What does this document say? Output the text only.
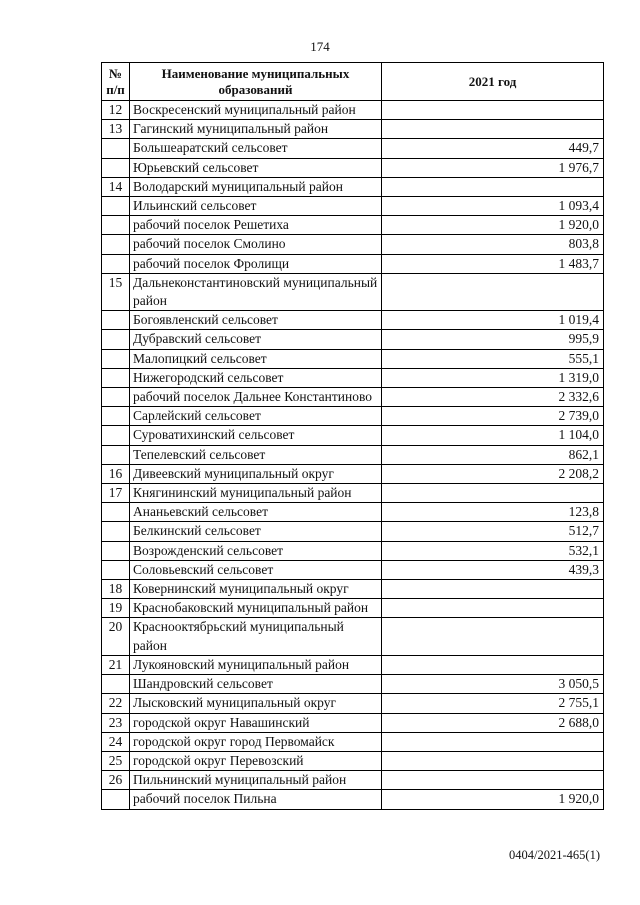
174
№ п/п	Наименование муниципальных образований	2021 год
12	Воскресенский муниципальный район	
13	Гагинский муниципальный район	
	Большеаратский сельсовет	449,7
	Юрьевский сельсовет	1 976,7
14	Володарский муниципальный район	
	Ильинский сельсовет	1 093,4
	рабочий поселок Решетиха	1 920,0
	рабочий поселок Смолино	803,8
	рабочий поселок Фролищи	1 483,7
15	Дальнеконстантиновский муниципальный район	
	Богоявленский сельсовет	1 019,4
	Дубравский сельсовет	995,9
	Малопицкий сельсовет	555,1
	Нижегородский сельсовет	1 319,0
	рабочий поселок Дальнее Константиново	2 332,6
	Сарлейский сельсовет	2 739,0
	Суроватихинский сельсовет	1 104,0
	Тепелевский сельсовет	862,1
16	Дивеевский муниципальный округ	2 208,2
17	Княгининский муниципальный район	
	Ананьевский сельсовет	123,8
	Белкинский сельсовет	512,7
	Возрожденский сельсовет	532,1
	Соловьевский сельсовет	439,3
18	Ковернинский муниципальный округ	
19	Краснобаковский муниципальный район	
20	Краснооктябрьский муниципальный район	
21	Лукояновский муниципальный район	
	Шандровский сельсовет	3 050,5
22	Лысковский муниципальный округ	2 755,1
23	городской округ Навашинский	2 688,0
24	городской округ город Первомайск	
25	городской округ Перевозский	
26	Пильнинский муниципальный район	
	рабочий поселок Пильна	1 920,0
0404/2021-465(1)
